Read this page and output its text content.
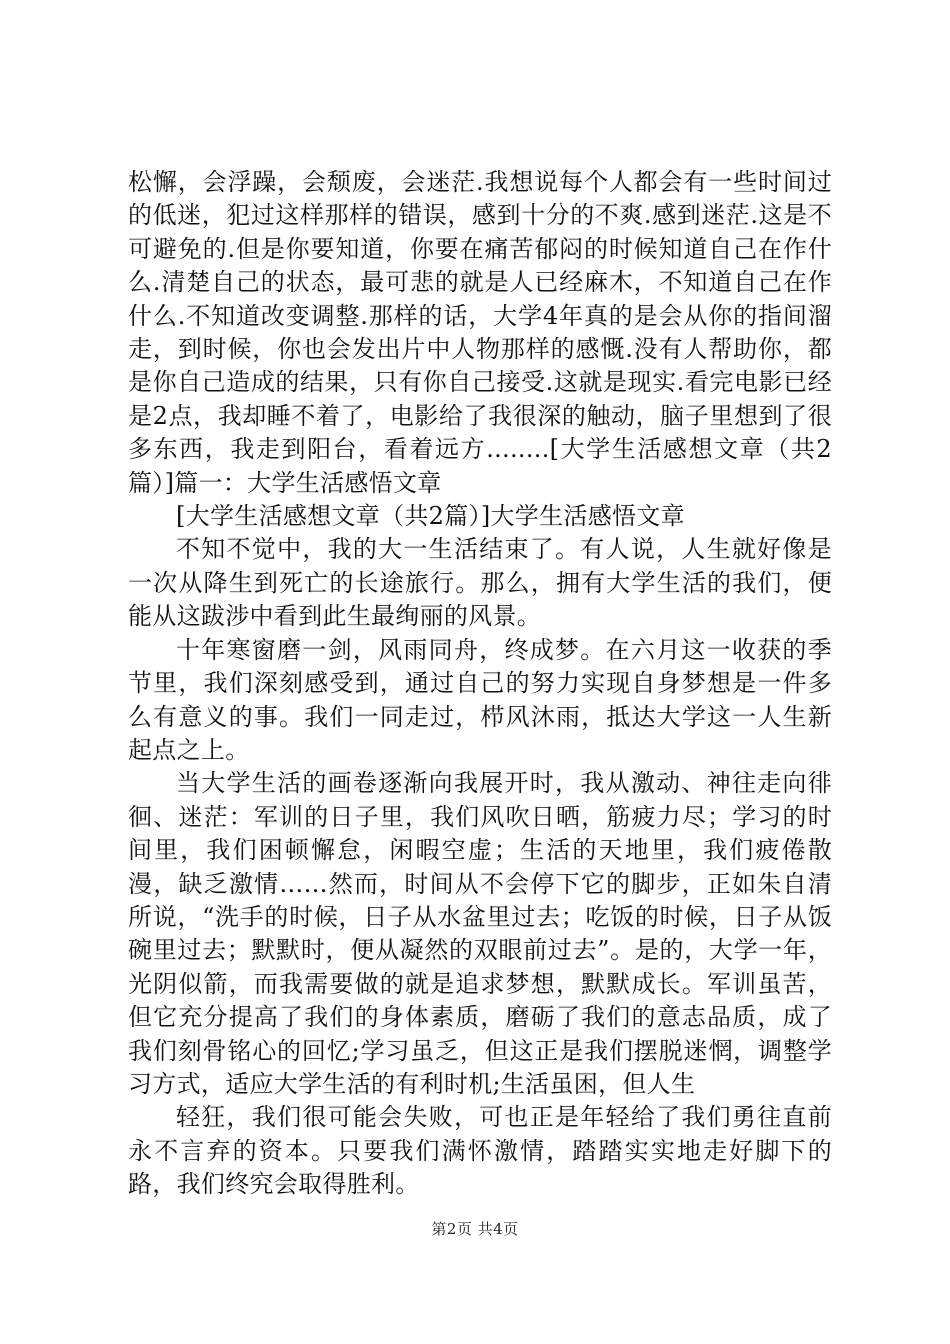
松懈，会浮躁，会颓废，会迷茫.我想说每个人都会有一些时间过的低迷，犯过这样那样的错误，感到十分的不爽.感到迷茫.这是不可避免的.但是你要知道，你要在痛苦郁闷的时候知道自己在作什么.清楚自己的状态，最可悲的就是人已经麻木，不知道自己在作什么.不知道改变调整.那样的话，大学4年真的是会从你的指间溜走，到时候，你也会发出片中人物那样的感慨.没有人帮助你，都是你自己造成的结果，只有你自己接受.这就是现实.看完电影已经是2点，我却睡不着了，电影给了我很深的触动，脑子里想到了很多东西，我走到阳台，看着远方........[大学生活感想文章（共2篇）]篇一：大学生活感悟文章

[大学生活感想文章（共2篇）]大学生活感悟文章

不知不觉中，我的大一生活结束了。有人说，人生就好像是一次从降生到死亡的长途旅行。那么，拥有大学生活的我们，便能从这跋涉中看到此生最绚丽的风景。

十年寒窗磨一剑，风雨同舟，终成梦。在六月这一收获的季节里，我们深刻感受到，通过自己的努力实现自身梦想是一件多么有意义的事。我们一同走过，栉风沐雨，抵达大学这一人生新起点之上。

当大学生活的画卷逐渐向我展开时，我从激动、神往走向徘徊、迷茫：军训的日子里，我们风吹日晒，筋疲力尽；学习的时间里，我们困顿懈怠，闲暇空虚；生活的天地里，我们疲倦散漫，缺乏激情……然而，时间从不会停下它的脚步，正如朱自清所说，“洗手的时候，日子从水盆里过去；吃饭的时候，日子从饭碗里过去；默默时，便从凝然的双眼前过去”。是的，大学一年，光阴似箭，而我需要做的就是追求梦想，默默成长。军训虽苦，但它充分提高了我们的身体素质，磨砺了我们的意志品质，成了我们刻骨铭心的回忆;学习虽乏，但这正是我们摆脱迷惘，调整学习方式，适应大学生活的有利时机;生活虽困，但人生

轻狂，我们很可能会失败，可也正是年轻给了我们勇往直前永不言弃的资本。只要我们满怀激情，踏踏实实地走好脚下的路，我们终究会取得胜利。

第2页 共4页
